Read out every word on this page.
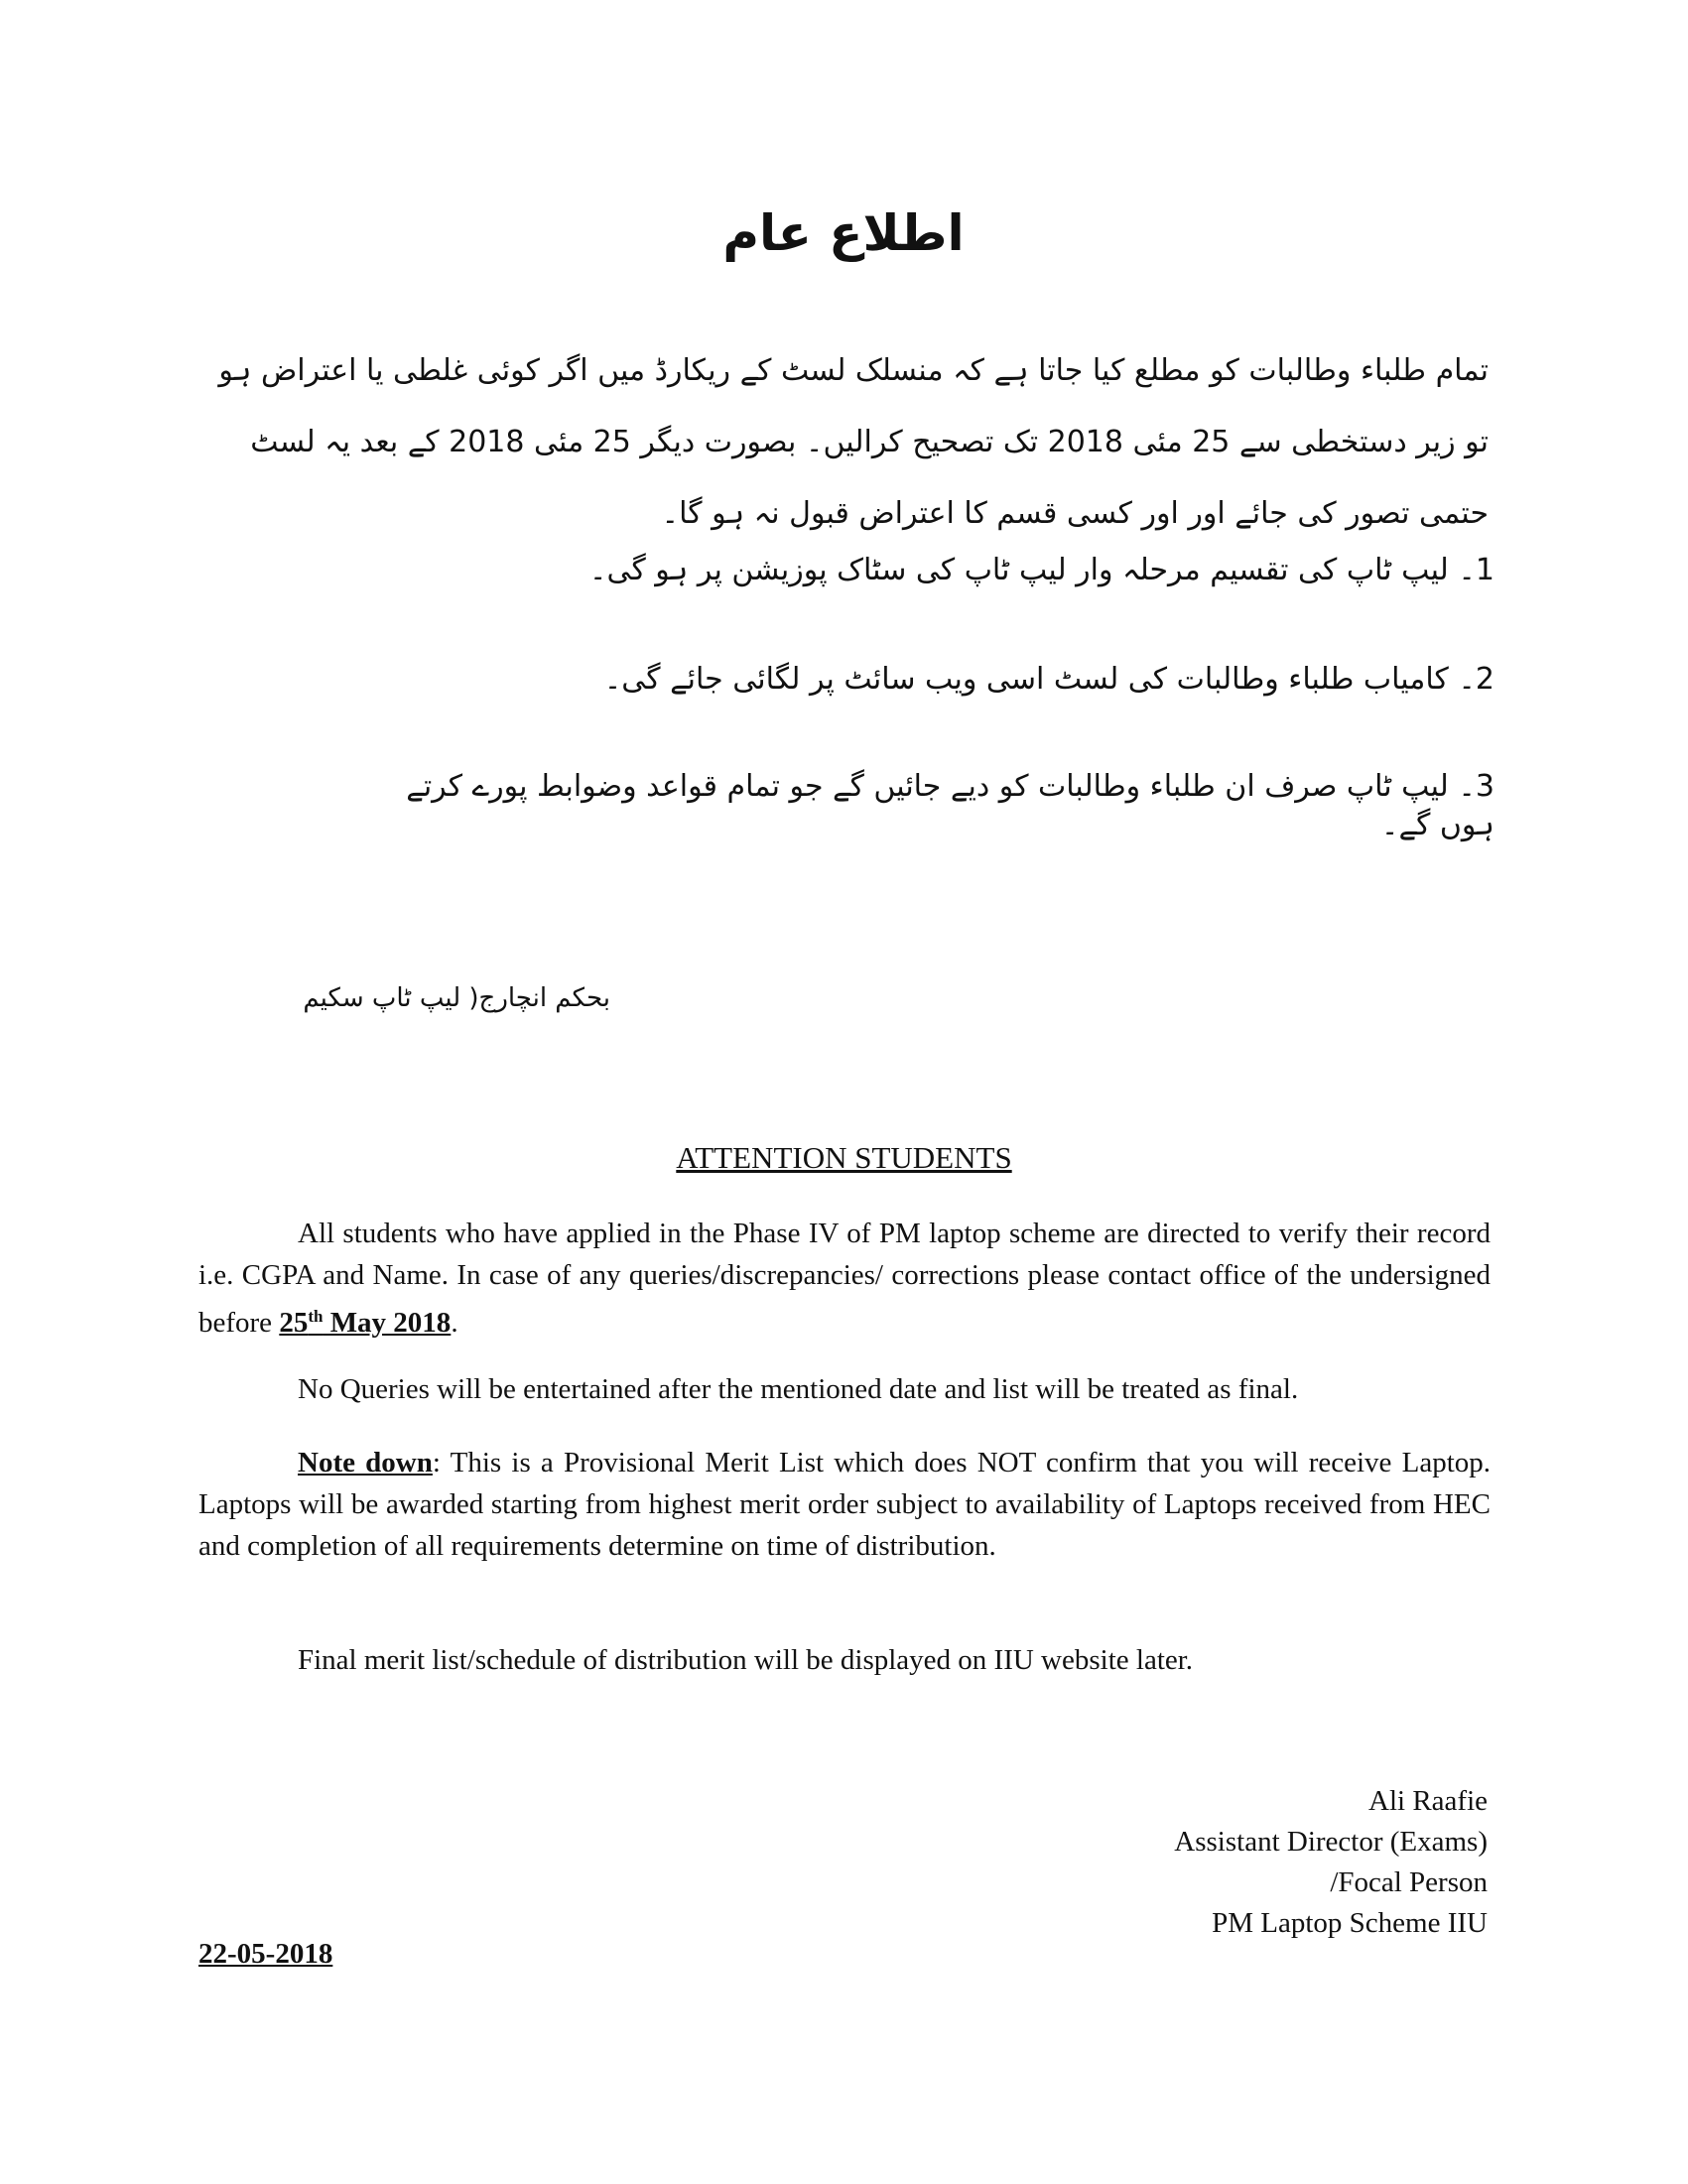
اطلاع عام
تمام طلباء وطالبات کو مطلع کیا جاتا ہے کہ منسلک لسٹ کے ریکارڈ میں اگر کوئی غلطی یا اعتراض ہو تو زیر دستخطی سے 25 مئی 2018 تک تصحیح کرالیں۔ بصورت دیگر 25 مئی 2018 کے بعد یہ لسٹ حتمی تصور کی جائے اور اور کسی قسم کا اعتراض قبول نہ ہو گا۔
1۔ لیپ ٹاپ کی تقسیم مرحلہ وار لیپ ٹاپ کی سٹاک پوزیشن پر ہو گی۔
2۔ کامیاب طلباء وطالبات کی لسٹ اسی ویب سائٹ پر لگائی جائے گی۔
3۔ لیپ ٹاپ صرف ان طلباء وطالبات کو دیے جائیں گے جو تمام قواعد وضوابط پورے کرتے ہوں گے۔
بحکم انچارج( لیپ ٹاپ سکیم
ATTENTION STUDENTS
All students who have applied in the Phase IV of PM laptop scheme are directed to verify their record i.e. CGPA and Name. In case of any queries/discrepancies/ corrections please contact office of the undersigned before 25th May 2018.
No Queries will be entertained after the mentioned date and list will be treated as final.
Note down: This is a Provisional Merit List which does NOT confirm that you will receive Laptop. Laptops will be awarded starting from highest merit order subject to availability of Laptops received from HEC and completion of all requirements determine on time of distribution.
Final merit list/schedule of distribution will be displayed on IIU website later.
Ali Raafie
Assistant Director (Exams)
/Focal Person
PM Laptop Scheme IIU
22-05-2018
